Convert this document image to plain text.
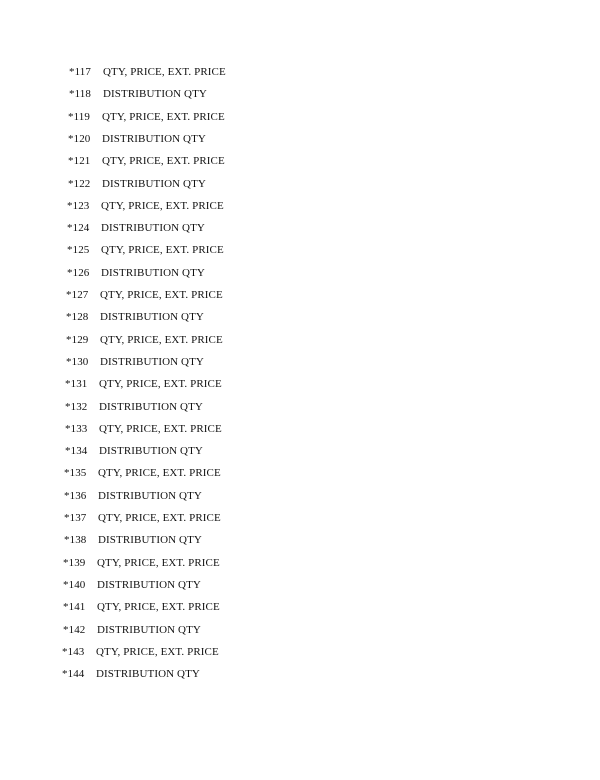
*117	QTY, PRICE, EXT. PRICE
*118	DISTRIBUTION QTY
*119	QTY, PRICE, EXT. PRICE
*120	DISTRIBUTION QTY
*121	QTY, PRICE, EXT. PRICE
*122	DISTRIBUTION QTY
*123	QTY, PRICE, EXT. PRICE
*124	DISTRIBUTION QTY
*125	QTY, PRICE, EXT. PRICE
*126	DISTRIBUTION QTY
*127	QTY, PRICE, EXT. PRICE
*128	DISTRIBUTION QTY
*129	QTY, PRICE, EXT. PRICE
*130	DISTRIBUTION QTY
*131	QTY, PRICE, EXT. PRICE
*132	DISTRIBUTION QTY
*133	QTY, PRICE, EXT. PRICE
*134	DISTRIBUTION QTY
*135	QTY, PRICE, EXT. PRICE
*136	DISTRIBUTION QTY
*137	QTY, PRICE, EXT. PRICE
*138	DISTRIBUTION QTY
*139	QTY, PRICE, EXT. PRICE
*140	DISTRIBUTION QTY
*141	QTY, PRICE, EXT. PRICE
*142	DISTRIBUTION QTY
*143	QTY, PRICE, EXT. PRICE
*144	DISTRIBUTION QTY
